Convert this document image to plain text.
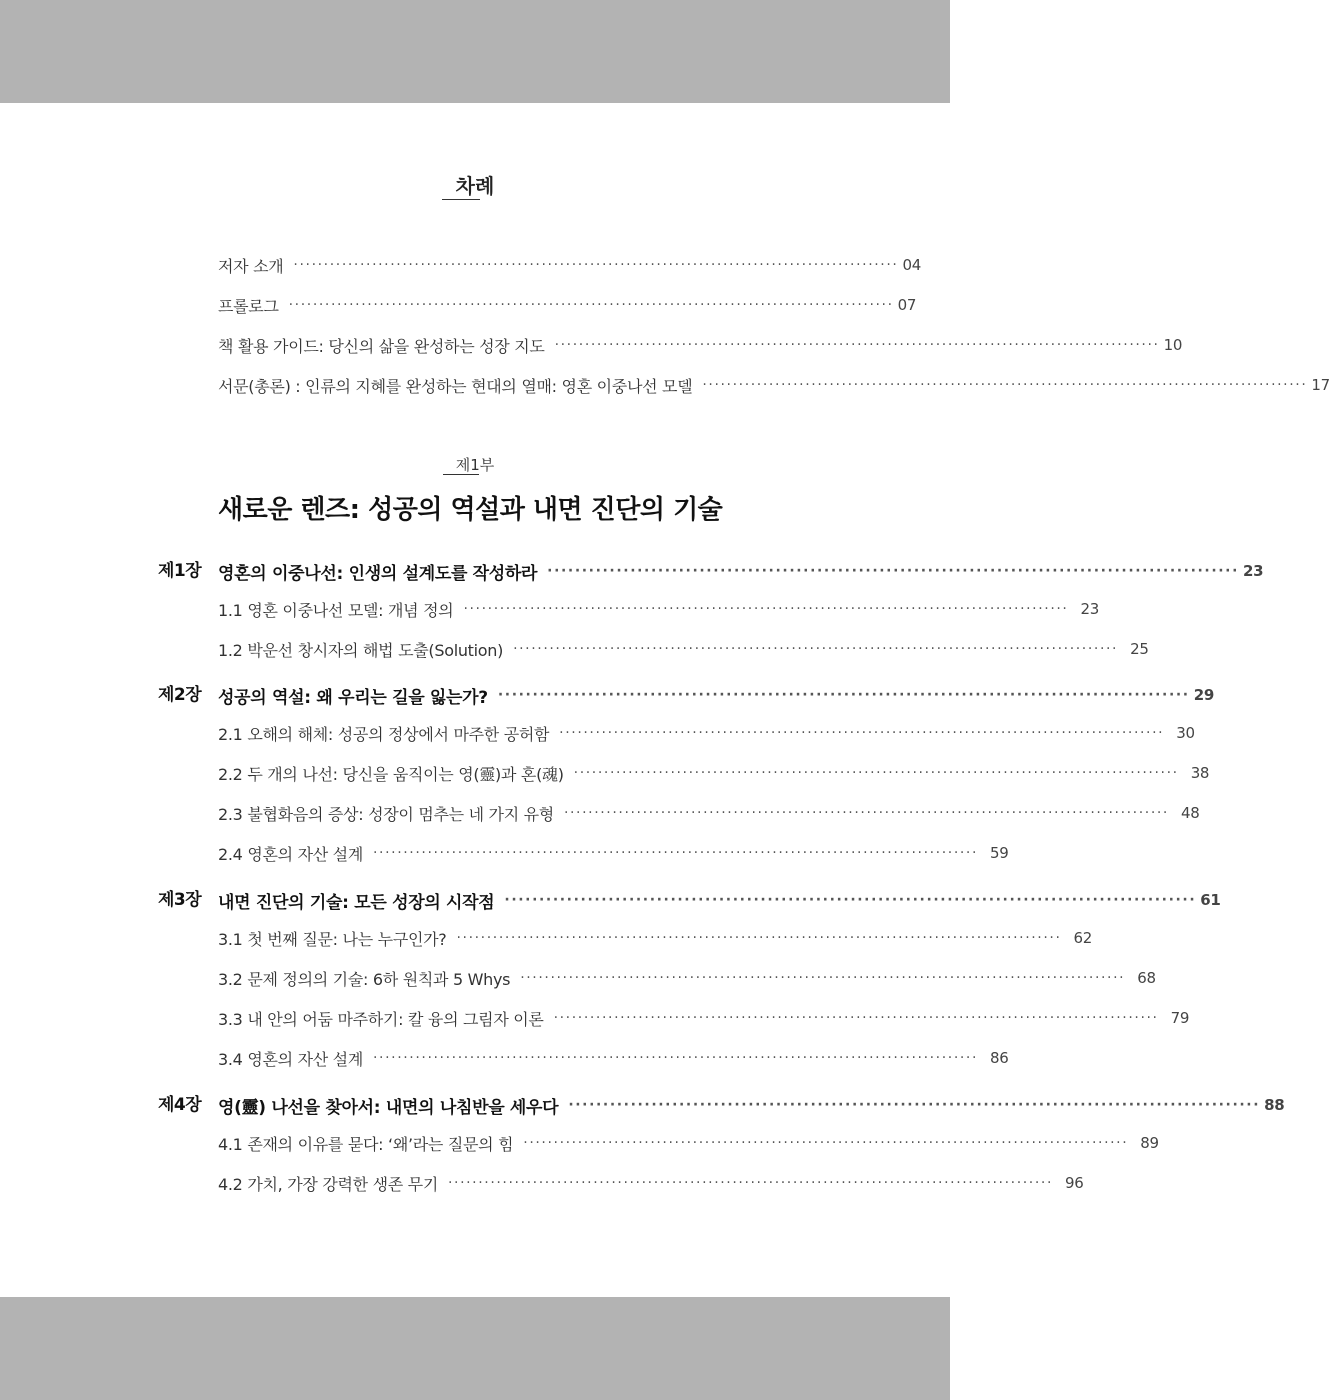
차례
저자 소개 ···································································································· 04
프롤로그 ···································································································· 07
책 활용 가이드: 당신의 삶을 완성하는 성장 지도 ···································································································· 10
서문(총론) : 인류의 지혜를 완성하는 현대의 열매: 영혼 이중나선 모델 ···································································································· 17
제1부
새로운 렌즈: 성공의 역설과 내면 진단의 기술
제1장 영혼의 이중나선: 인생의 설계도를 작성하라 ···································································································· 23
1.1 영혼 이중나선 모델: 개념 정의 ···································································································· 23
1.2 박운선 창시자의 해법 도출(Solution) ···································································································· 25
제2장 성공의 역설: 왜 우리는 길을 잃는가? ···································································································· 29
2.1 오해의 해체: 성공의 정상에서 마주한 공허함 ···································································································· 30
2.2 두 개의 나선: 당신을 움직이는 영(靈)과 혼(魂) ···································································································· 38
2.3 불협화음의 증상: 성장이 멈추는 네 가지 유형 ···································································································· 48
2.4 영혼의 자산 설계 ···································································································· 59
제3장 내면 진단의 기술: 모든 성장의 시작점 ···································································································· 61
3.1 첫 번째 질문: 나는 누구인가? ···································································································· 62
3.2 문제 정의의 기술: 6하 원칙과 5 Whys ···································································································· 68
3.3 내 안의 어둠 마주하기: 칼 융의 그림자 이론 ···································································································· 79
3.4 영혼의 자산 설계 ···································································································· 86
제4장 영(靈) 나선을 찾아서: 내면의 나침반을 세우다 ···································································································· 88
4.1 존재의 이유를 묻다: ‘왜’라는 질문의 힘 ···································································································· 89
4.2 가치, 가장 강력한 생존 무기 ···································································································· 96
